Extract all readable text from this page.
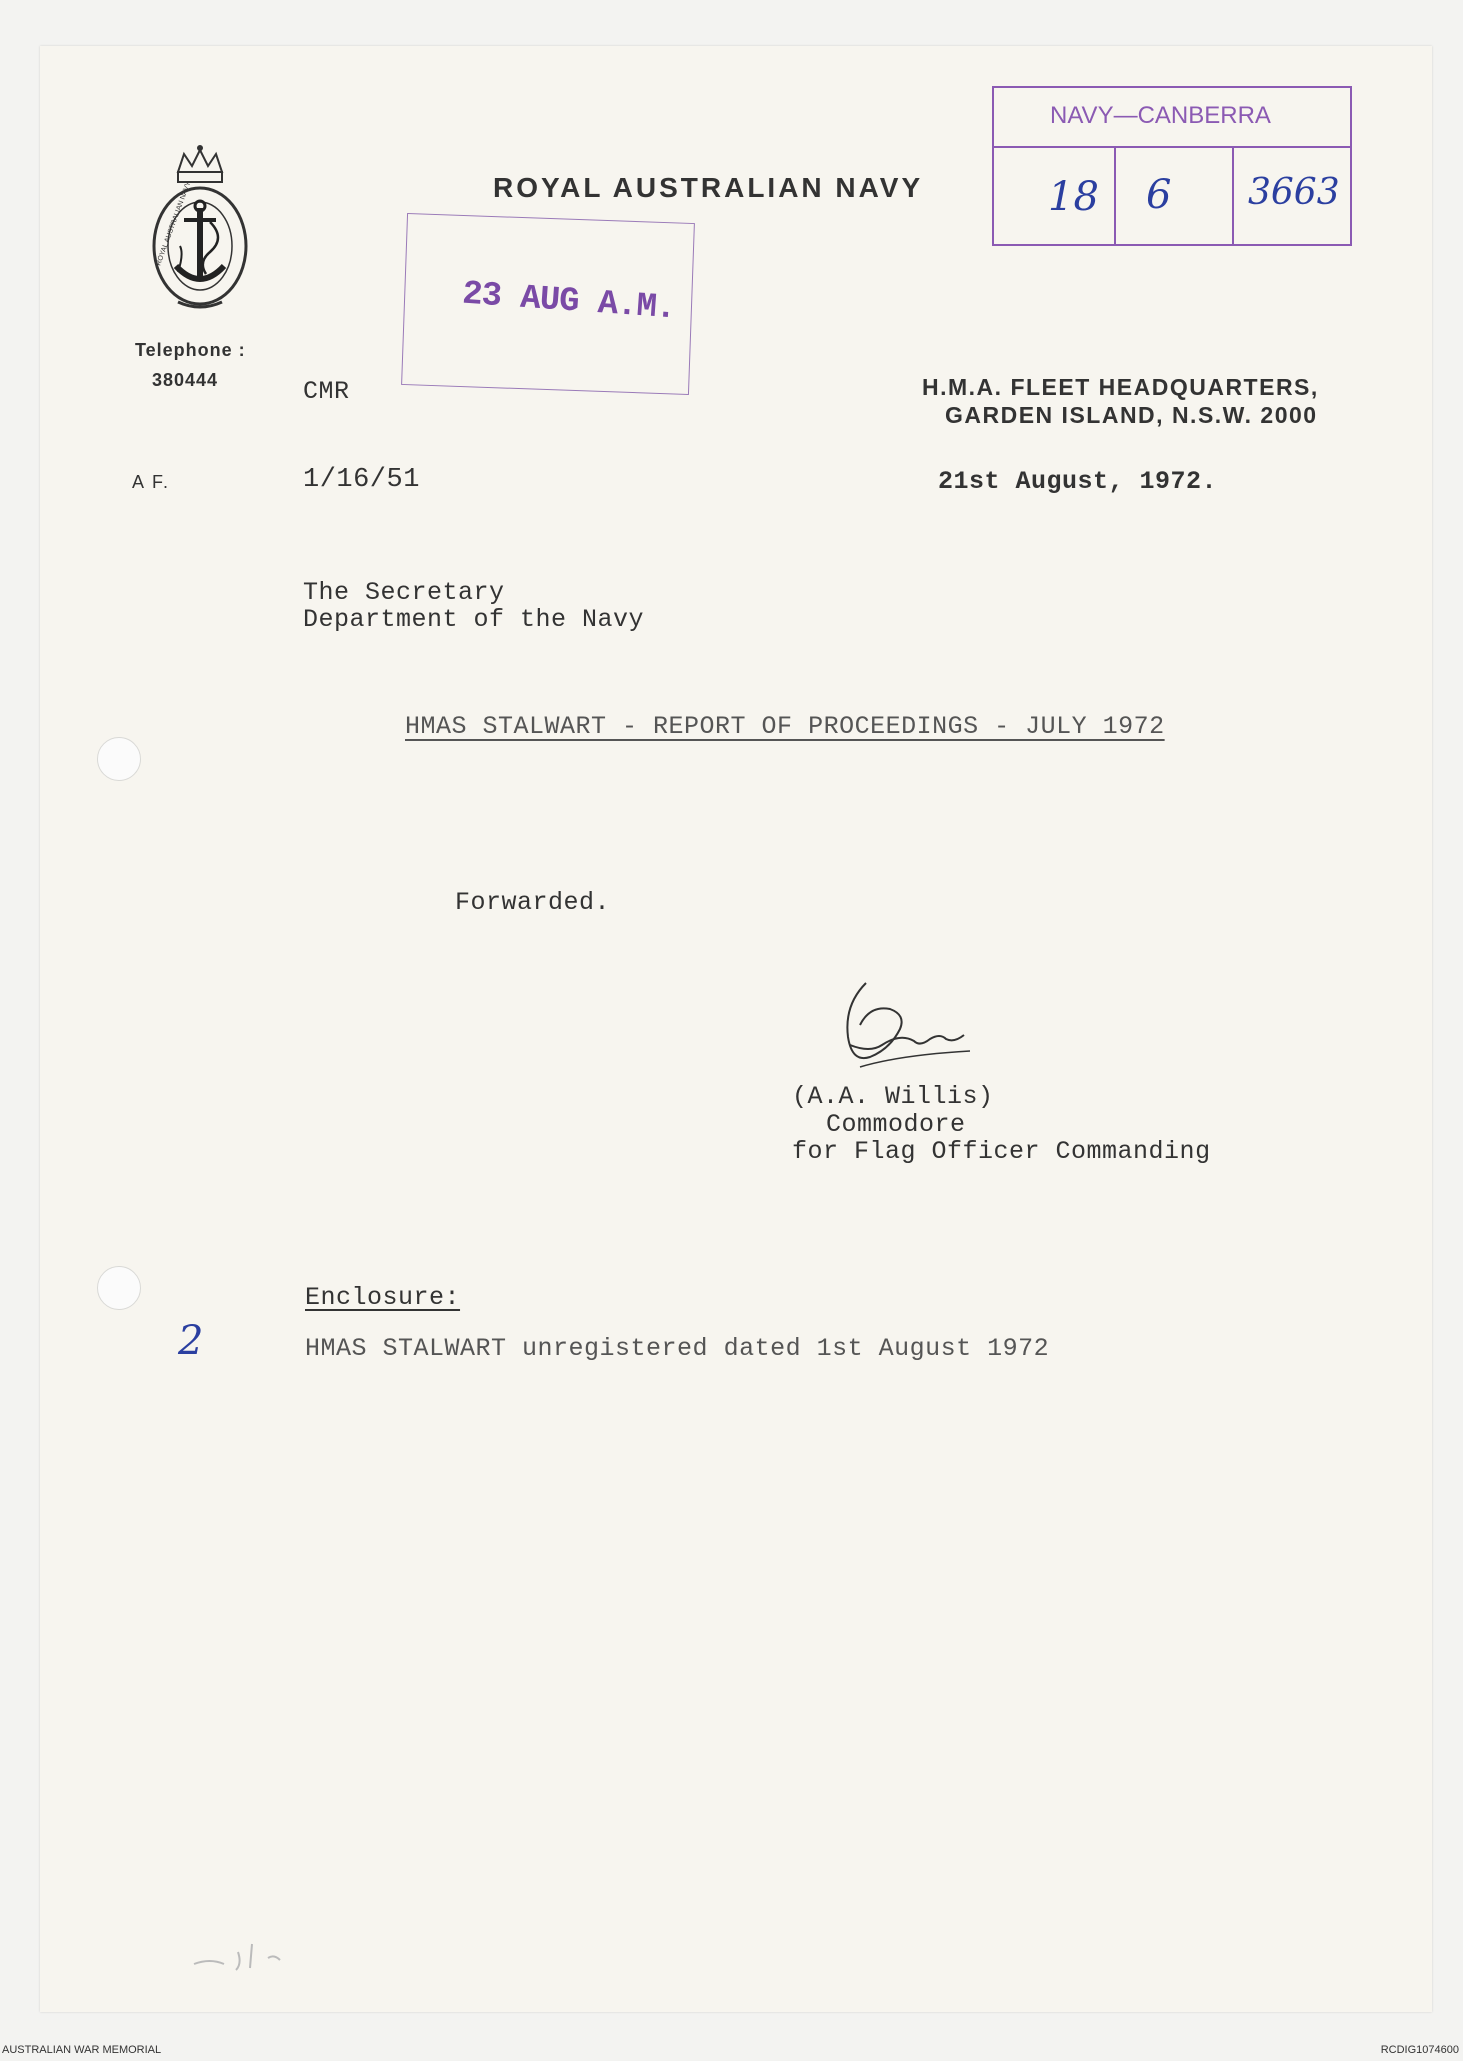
ROYAL AUSTRALIAN NAVY
Telephone :
380444
ROYAL AUSTRALIAN NAVY
23 AUG A.M.
NAVY—CANBERRA
18 6 3663
CMR	H.M.A. FLEET HEADQUARTERS,
GARDEN ISLAND, N.S.W. 2000
A F.	1/16/51	21st August, 1972.
The Secretary
Department of the Navy
HMAS STALWART - REPORT OF PROCEEDINGS - JULY 1972
Forwarded.
(A.A. Willis)
Commodore
for Flag Officer Commanding
Enclosure:
2	HMAS STALWART unregistered dated 1st August 1972
AUSTRALIAN WAR MEMORIAL	RCDIG1074600
